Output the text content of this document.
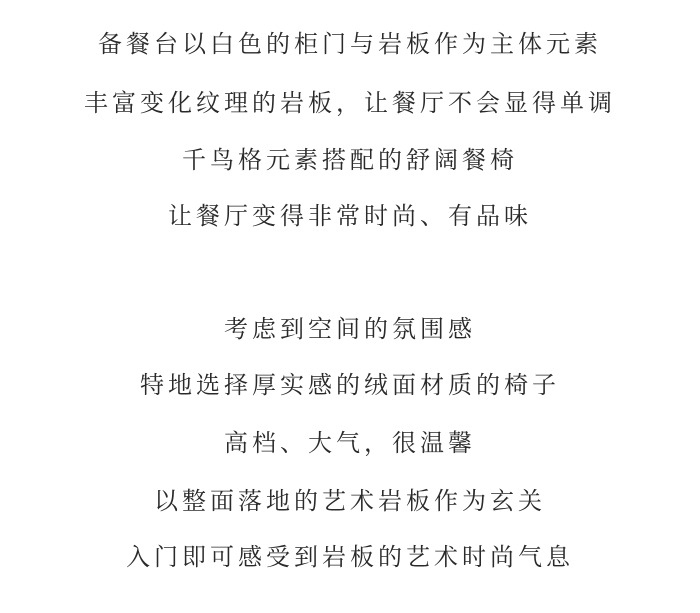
备餐台以白色的柜门与岩板作为主体元素
丰富变化纹理的岩板，让餐厅不会显得单调
千鸟格元素搭配的舒阔餐椅
让餐厅变得非常时尚、有品味
考虑到空间的氛围感
特地选择厚实感的绒面材质的椅子
高档、大气，很温馨
以整面落地的艺术岩板作为玄关
入门即可感受到岩板的艺术时尚气息
